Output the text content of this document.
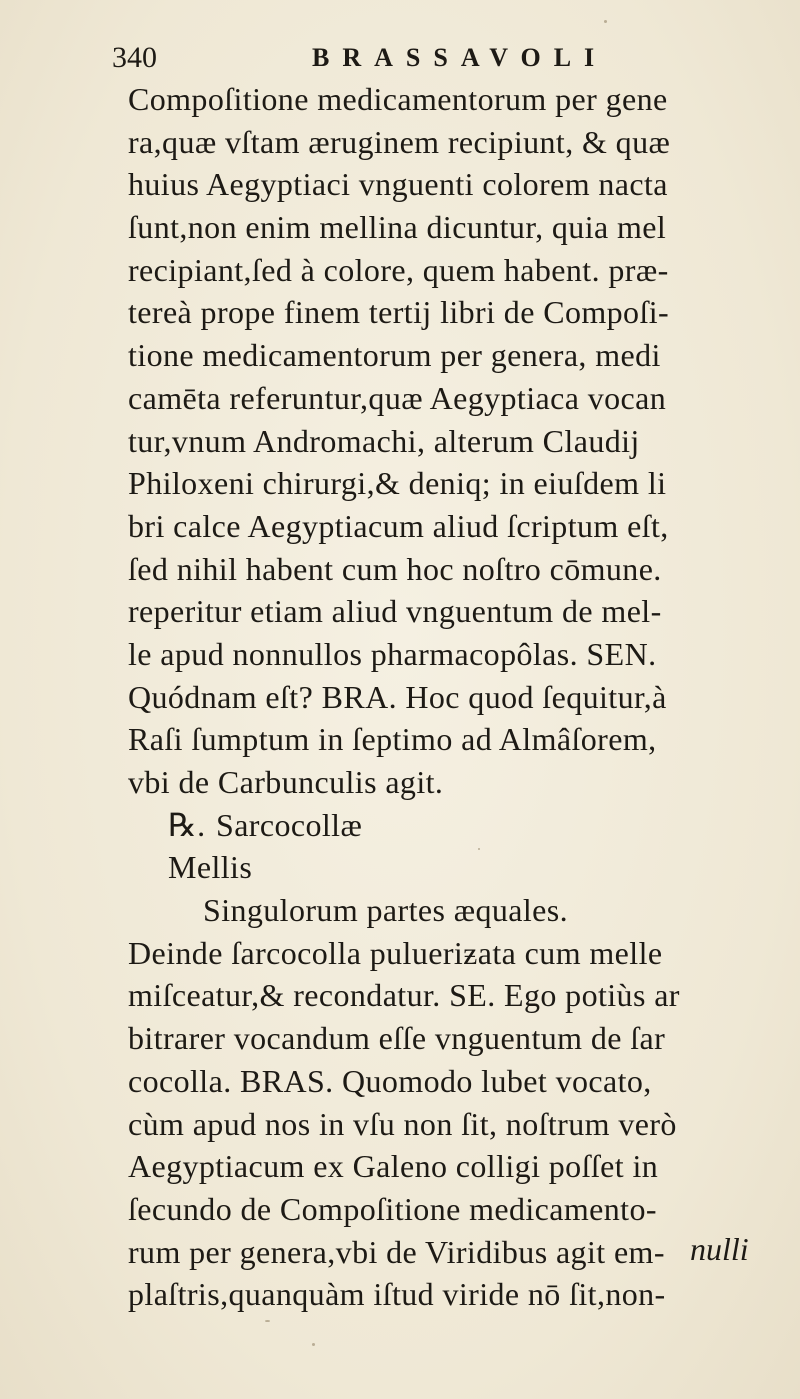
340	BRASSAVOLI
Compoſitione medicamentorum per gene
ra,quæ vſtam æruginem recipiunt, & quæ
huius Aegyptiaci vnguenti colorem nacta
ſunt,non enim mellina dicuntur, quia mel
recipiant,ſed à colore, quem habent. præ-
tereà prope finem tertij libri de Compoſi-
tione medicamentorum per genera, medi
camēta referuntur,quæ Aegyptiaca vocan
tur,vnum Andromachi, alterum Claudij
Philoxeni chirurgi,& deniq; in eiuſdem li
bri calce Aegyptiacum aliud ſcriptum eſt,
ſed nihil habent cum hoc noſtro cōmune.
reperitur etiam aliud vnguentum de mel-
le apud nonnullos pharmacopôlas. SEN.
Quódnam eſt? BRA. Hoc quod ſequitur,à
Raſi ſumptum in ſeptimo ad Almâſorem,
vbi de Carbunculis agit.
℞. Sarcocollæ
Mellis
Singulorum partes æquales.
Deinde ſarcocolla pulueriƶata cum melle
miſceatur,& recondatur. SE. Ego potiùs ar
bitrarer vocandum eſſe vnguentum de ſar
cocolla. BRAS. Quomodo lubet vocato,
cùm apud nos in vſu non ſit, noſtrum verò
Aegyptiacum ex Galeno colligi poſſet in
ſecundo de Compoſitione medicamento-
rum per genera,vbi de Viridibus agit em-
plaſtris,quanquàm iſtud viride nō ſit,non-
nulli
